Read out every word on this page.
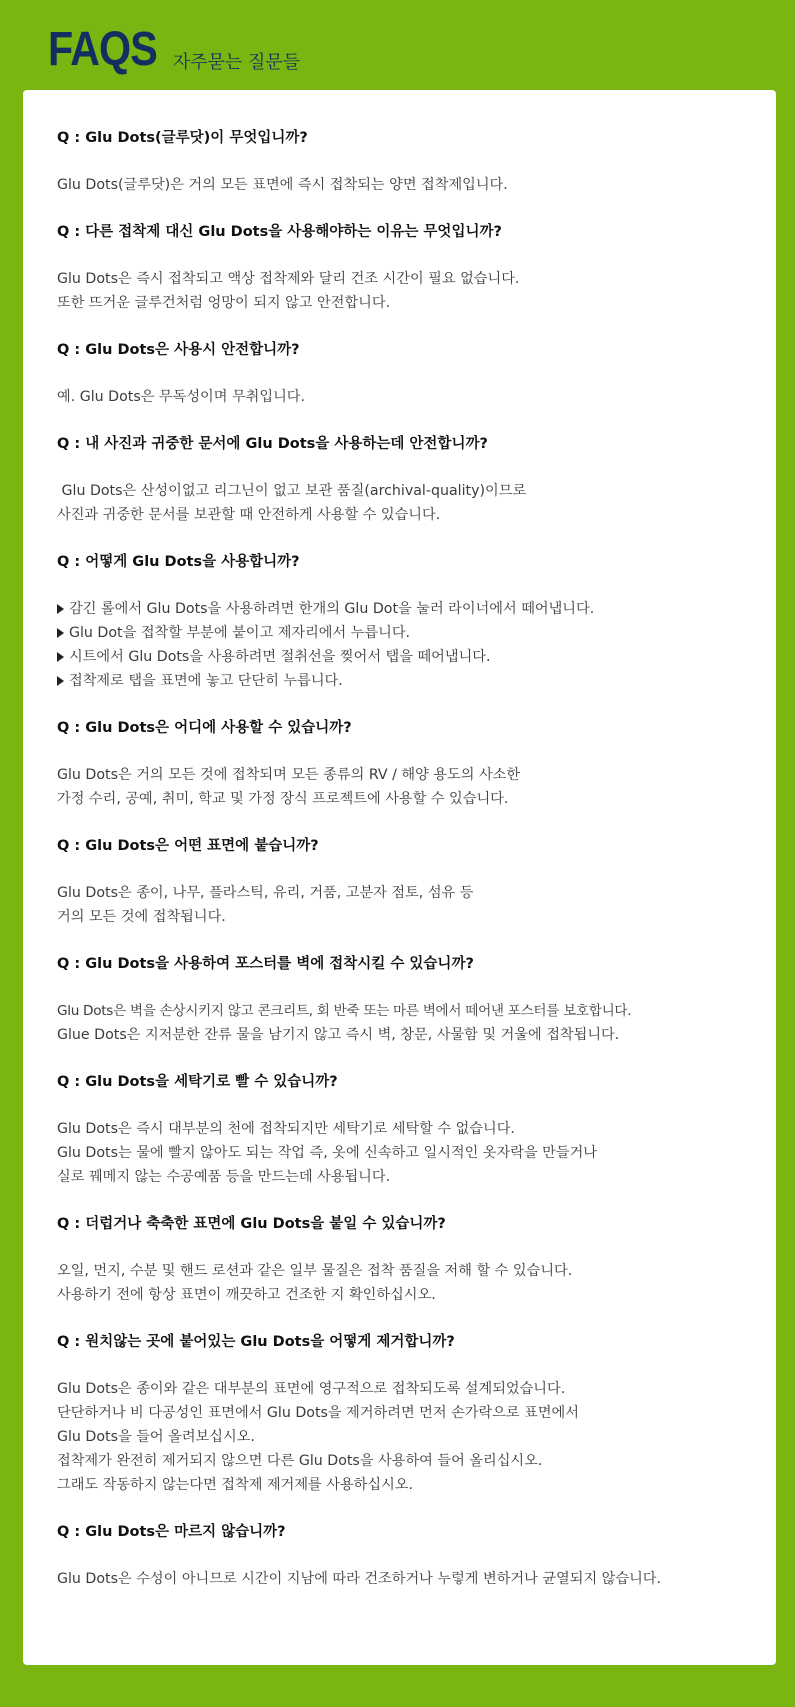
FAQS 자주묻는 질문들
Q : Glu Dots(글루닷)이 무엇입니까?
Glu Dots(글루닷)은 거의 모든 표면에 즉시 접착되는 양면 접착제입니다.
Q : 다른 접착제 대신 Glu Dots을 사용해야하는 이유는 무엇입니까?
Glu Dots은 즉시 접착되고 액상 접착제와 달리 건조 시간이 필요 없습니다.
또한 뜨거운 글루건처럼 엉망이 되지 않고 안전합니다.
Q : Glu Dots은 사용시 안전합니까?
예. Glu Dots은 무독성이며 무취입니다.
Q : 내 사진과 귀중한 문서에 Glu Dots을 사용하는데 안전합니까?
Glu Dots은 산성이없고 리그닌이 없고 보관 품질(archival-quality)이므로
사진과 귀중한 문서를 보관할 때 안전하게 사용할 수 있습니다.
Q : 어떻게 Glu Dots을 사용합니까?
감긴 롤에서 Glu Dots을 사용하려면 한개의 Glu Dot을 눌러 라이너에서 떼어냅니다.
Glu Dot을 접착할 부분에 붙이고 제자리에서 누릅니다.
시트에서 Glu Dots을 사용하려면 절취선을 찢어서 탭을 떼어냅니다.
접착제로 탭을 표면에 놓고 단단히 누릅니다.
Q : Glu Dots은 어디에 사용할 수 있습니까?
Glu Dots은 거의 모든 것에 접착되며 모든 종류의 RV / 해양 용도의 사소한
가정 수리, 공예, 취미, 학교 및 가정 장식 프로젝트에 사용할 수 있습니다.
Q : Glu Dots은 어떤 표면에 붙습니까?
Glu Dots은 종이, 나무, 플라스틱, 유리, 거품, 고분자 점토, 섬유 등
거의 모든 것에 접착됩니다.
Q : Glu Dots을 사용하여 포스터를 벽에 접착시킬 수 있습니까?
Glu Dots은 벽을 손상시키지 않고 콘크리트, 회 반죽 또는 마른 벽에서 떼어낸 포스터를 보호합니다.
Glue Dots은 지저분한 잔류 물을 남기지 않고 즉시 벽, 창문, 사물함 및 거울에 접착됩니다.
Q : Glu Dots을 세탁기로 빨 수 있습니까?
Glu Dots은 즉시 대부분의 천에 접착되지만 세탁기로 세탁할 수 없습니다.
Glu Dots는 물에 빨지 않아도 되는 작업 즉, 옷에 신속하고 일시적인 옷자락을 만들거나
실로 꿰메지 않는 수공예품 등을 만드는데 사용됩니다.
Q : 더럽거나 축축한 표면에 Glu Dots을 붙일 수 있습니까?
오일, 먼지, 수분 및 핸드 로션과 같은 일부 물질은 접착 품질을 저해 할 수 있습니다.
사용하기 전에 항상 표면이 깨끗하고 건조한 지 확인하십시오.
Q : 원치않는 곳에 붙어있는 Glu Dots을 어떻게 제거합니까?
Glu Dots은 종이와 같은 대부분의 표면에 영구적으로 접착되도록 설계되었습니다.
단단하거나 비 다공성인 표면에서 Glu Dots을 제거하려면 먼저 손가락으로 표면에서
Glu Dots을 들어 올려보십시오.
접착제가 완전히 제거되지 않으면 다른 Glu Dots을 사용하여 들어 올리십시오.
그래도 작동하지 않는다면 접착제 제거제를 사용하십시오.
Q : Glu Dots은 마르지 않습니까?
Glu Dots은 수성이 아니므로 시간이 지남에 따라 건조하거나 누렇게 변하거나 균열되지 않습니다.
